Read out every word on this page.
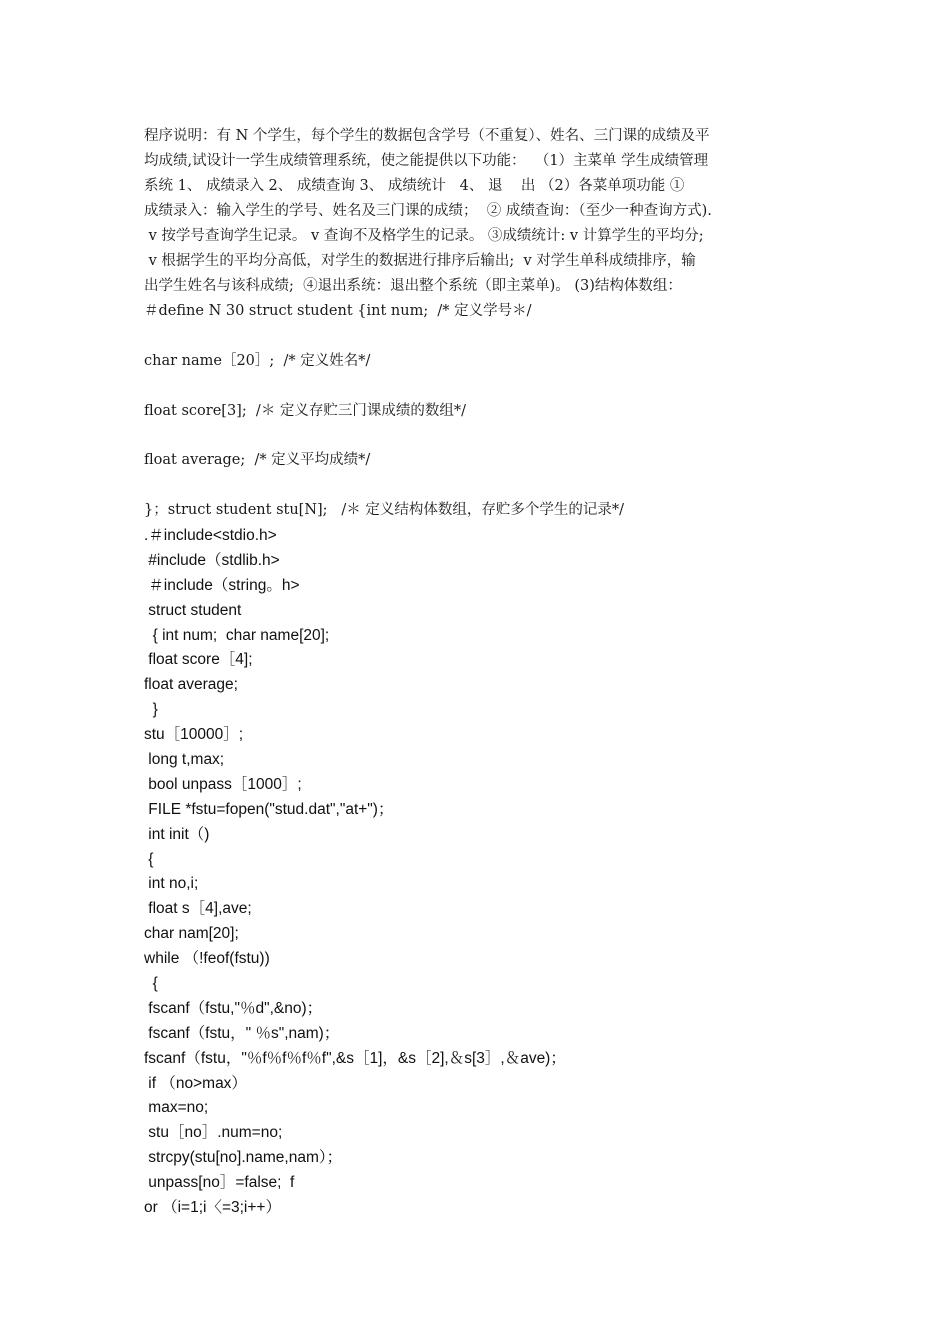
程序说明：有 N 个学生，每个学生的数据包含学号（不重复）、姓名、三门课的成绩及平
均成绩,试设计一学生成绩管理系统，使之能提供以下功能：  （1）主菜单 学生成绩管理
系统 1、 成绩录入 2、 成绩查询 3、 成绩统计   4、 退    出 （2）各菜单项功能 ①
成绩录入：输入学生的学号、姓名及三门课的成绩；  ② 成绩查询：（至少一种查询方式).
v 按学号查询学生记录。 v 查询不及格学生的记录。 ③成绩统计: v 计算学生的平均分;
v 根据学生的平均分高低，对学生的数据进行排序后输出;  v 对学生单科成绩排序，输
出学生姓名与该科成绩;  ④退出系统：退出整个系统（即主菜单)。 (3)结构体数组：
＃define N 30 struct student {int num;  /* 定义学号＊/
char name［20］;  /* 定义姓名*/
float score[3];  /＊ 定义存贮三门课成绩的数组*/
float average;  /* 定义平均成绩*/
}；struct student stu[N];   /＊ 定义结构体数组，存贮多个学生的记录*/
.＃include<stdio.h>
#include（stdlib.h>
＃include（string。h>
struct student
{ int num;  char name[20];
float score［4];
float average;
}
stu［10000］;
long t,max;
bool unpass［1000］;
FILE *fstu=fopen("stud.dat","at+")；
int init（)
{
int no,i;
float s［4],ave;
char nam[20];
while （!feof(fstu))
{
fscanf（fstu,"％d",&no)；
fscanf（fstu，" ％s",nam)；
fscanf（fstu，"％f％f％f％f",&s［1]，&s［2],＆s[3］,＆ave)；
if （no>max）
max=no;
stu［no］.num=no;
strcpy(stu[no].name,nam）；
unpass[no］=false;  f
or （i=1;i〈=3;i++）
